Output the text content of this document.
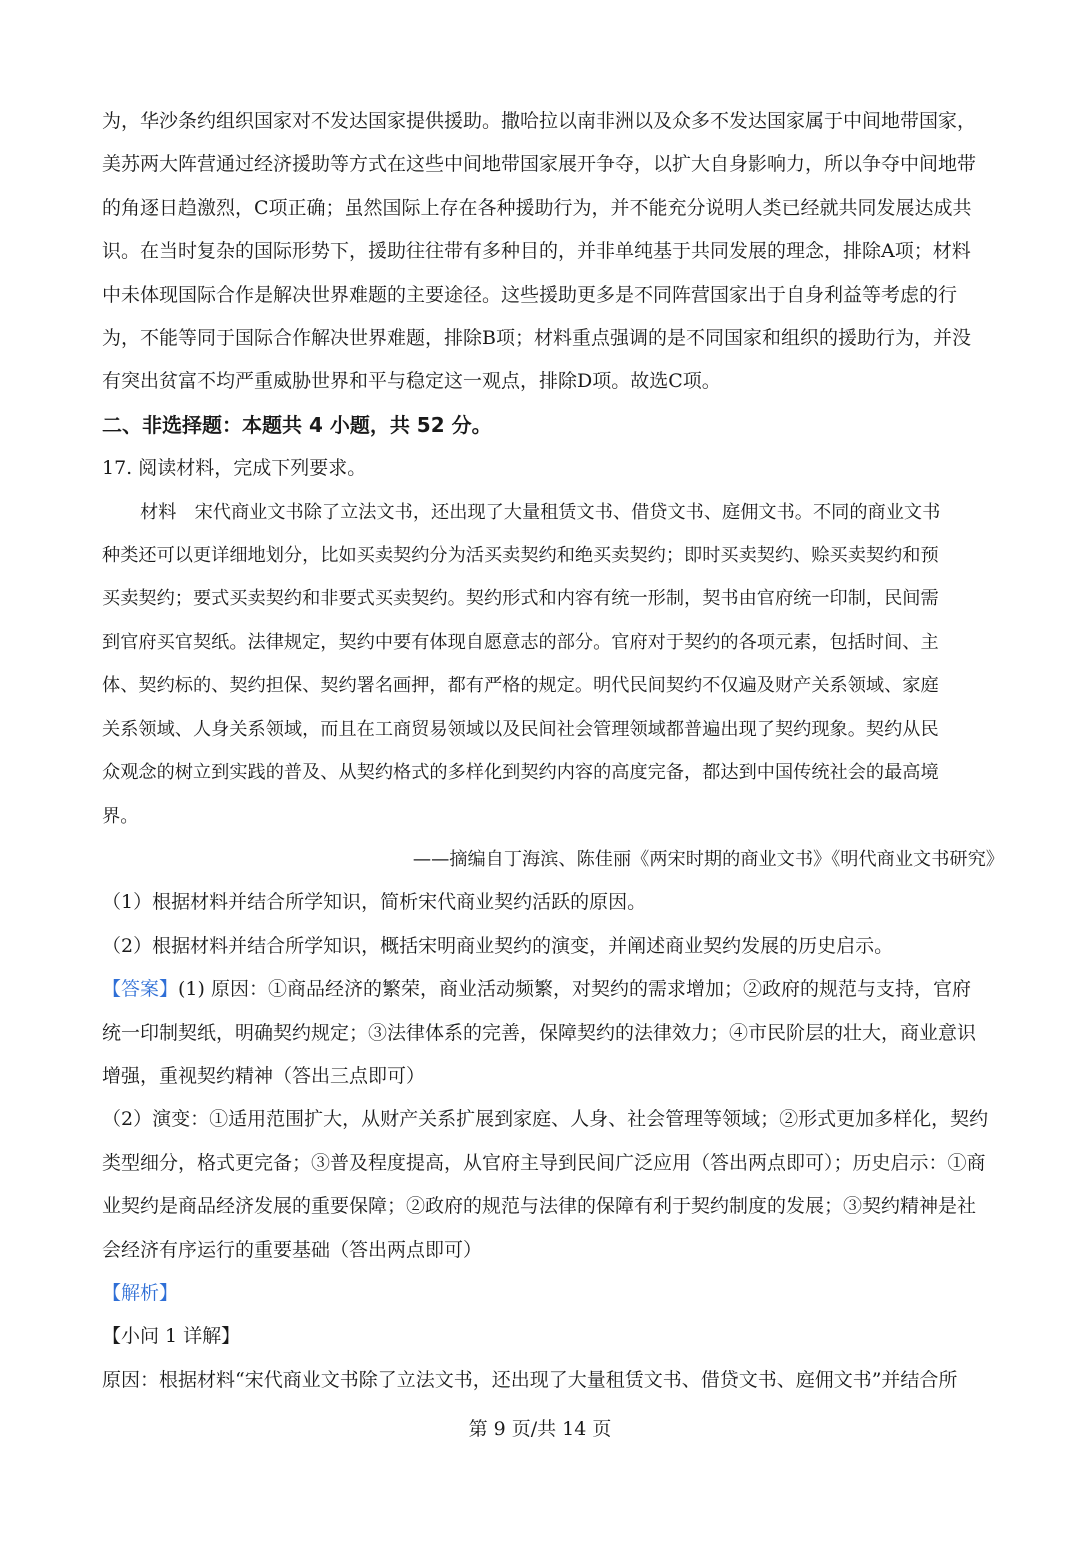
为，华沙条约组织国家对不发达国家提供援助。撒哈拉以南非洲以及众多不发达国家属于中间地带国家，
美苏两大阵营通过经济援助等方式在这些中间地带国家展开争夺，以扩大自身影响力，所以争夺中间地带
的角逐日趋激烈，C项正确；虽然国际上存在各种援助行为，并不能充分说明人类已经就共同发展达成共
识。在当时复杂的国际形势下，援助往往带有多种目的，并非单纯基于共同发展的理念，排除A项；材料
中未体现国际合作是解决世界难题的主要途径。这些援助更多是不同阵营国家出于自身利益等考虑的行
为，不能等同于国际合作解决世界难题，排除B项；材料重点强调的是不同国家和组织的援助行为，并没
有突出贫富不均严重威胁世界和平与稳定这一观点，排除D项。故选C项。
二、非选择题：本题共 4 小题，共 52 分。
17. 阅读材料，完成下列要求。
材料　宋代商业文书除了立法文书，还出现了大量租赁文书、借贷文书、庭佣文书。不同的商业文书
种类还可以更详细地划分，比如买卖契约分为活买卖契约和绝买卖契约；即时买卖契约、赊买卖契约和预
买卖契约；要式买卖契约和非要式买卖契约。契约形式和内容有统一形制，契书由官府统一印制，民间需
到官府买官契纸。法律规定，契约中要有体现自愿意志的部分。官府对于契约的各项元素，包括时间、主
体、契约标的、契约担保、契约署名画押，都有严格的规定。明代民间契约不仅遍及财产关系领域、家庭
关系领域、人身关系领域，而且在工商贸易领域以及民间社会管理领域都普遍出现了契约现象。契约从民
众观念的树立到实践的普及、从契约格式的多样化到契约内容的高度完备，都达到中国传统社会的最高境
界。
——摘编自丁海滨、陈佳丽《两宋时期的商业文书》《明代商业文书研究》
（1）根据材料并结合所学知识，简析宋代商业契约活跃的原因。
（2）根据材料并结合所学知识，概括宋明商业契约的演变，并阐述商业契约发展的历史启示。
【答案】(1) 原因：①商品经济的繁荣，商业活动频繁，对契约的需求增加；②政府的规范与支持，官府
统一印制契纸，明确契约规定；③法律体系的完善，保障契约的法律效力；④市民阶层的壮大，商业意识
增强，重视契约精神（答出三点即可）
（2）演变：①适用范围扩大，从财产关系扩展到家庭、人身、社会管理等领域；②形式更加多样化，契约
类型细分，格式更完备；③普及程度提高，从官府主导到民间广泛应用（答出两点即可）；历史启示：①商
业契约是商品经济发展的重要保障；②政府的规范与法律的保障有利于契约制度的发展；③契约精神是社
会经济有序运行的重要基础（答出两点即可）
【解析】
【小问 1 详解】
原因：根据材料“宋代商业文书除了立法文书，还出现了大量租赁文书、借贷文书、庭佣文书”并结合所
第 9 页/共 14 页
